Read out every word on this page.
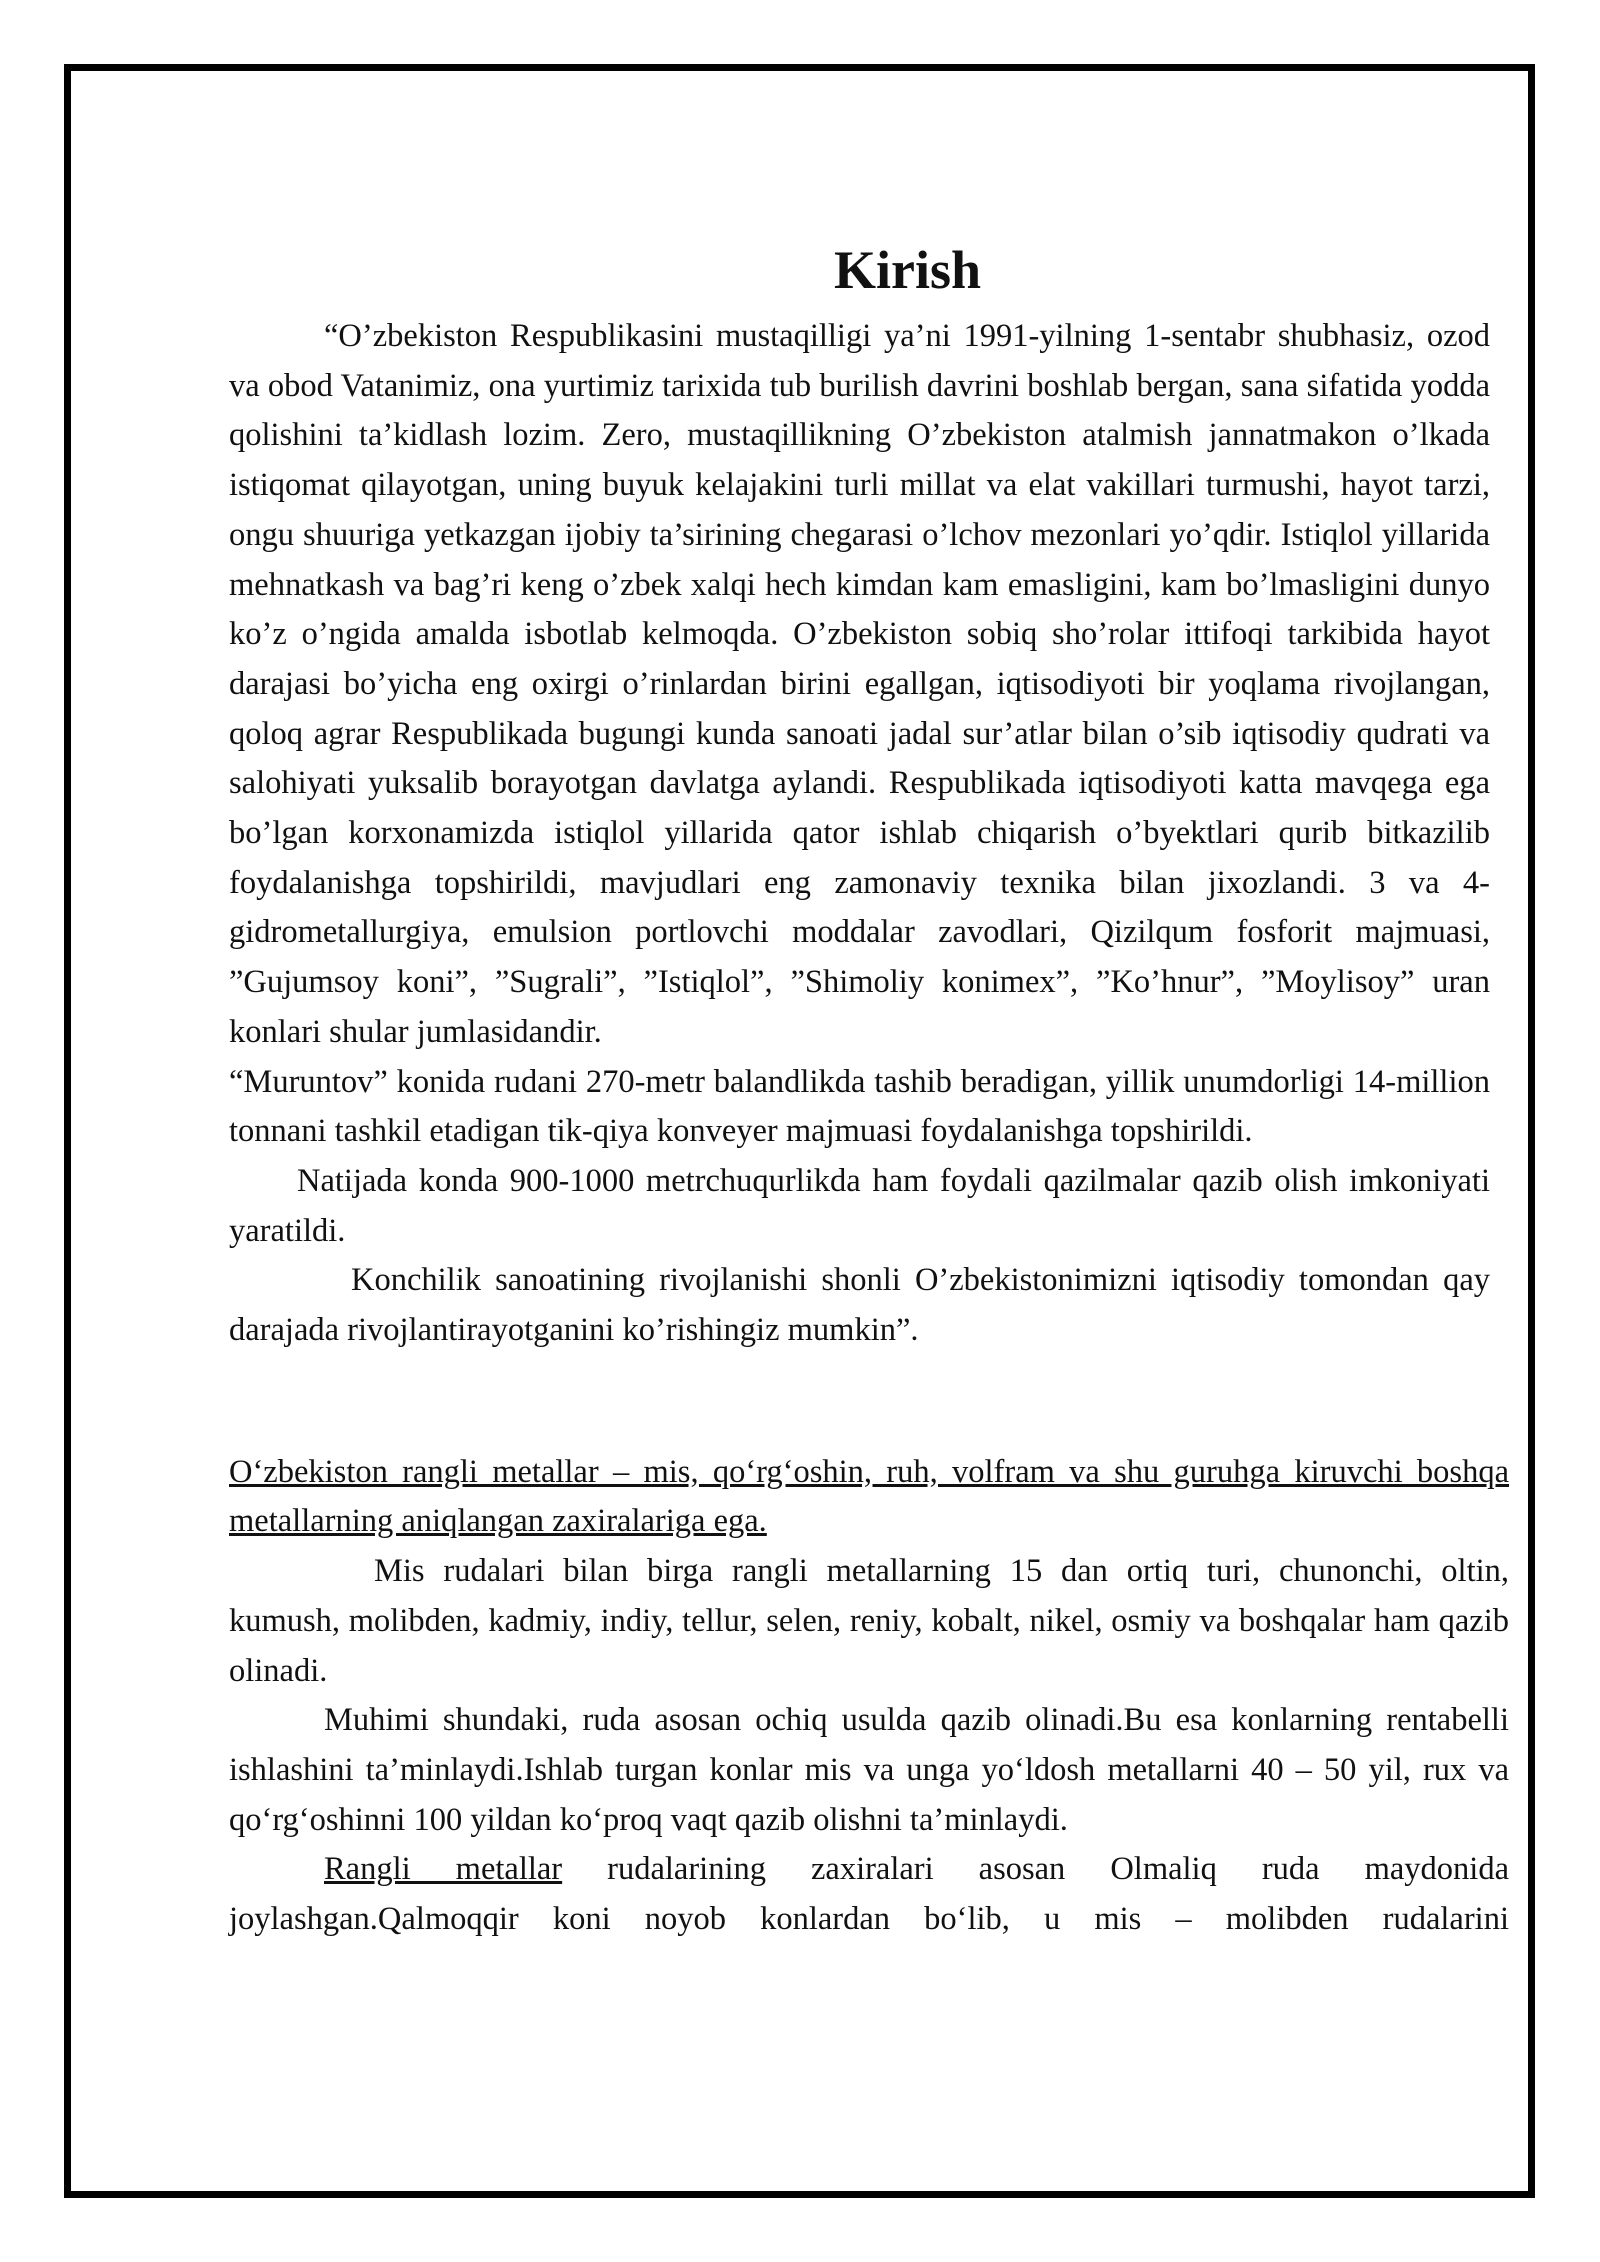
Kirish

“O’zbekiston Respublikasini mustaqilligi ya’ni 1991-yilning 1-sentabr shubhasiz, ozod va obod Vatanimiz, ona yurtimiz tarixida tub burilish davrini boshlab bergan, sana sifatida yodda qolishini ta’kidlash lozim. Zero, mustaqillikning O’zbekiston atalmish jannatmakon o’lkada istiqomat qilayotgan, uning buyuk kelajakini turli millat va elat vakillari turmushi, hayot tarzi, ongu shuuriga yetkazgan ijobiy ta’sirining chegarasi o’lchov mezonlari yo’qdir. Istiqlol yillarida mehnatkash va bag’ri keng o’zbek xalqi hech kimdan kam emasligini, kam bo’lmasligini dunyo ko’z o’ngida amalda isbotlab kelmoqda. O’zbekiston sobiq sho’rolar ittifoqi tarkibida hayot darajasi bo’yicha eng oxirgi o’rinlardan birini egallgan, iqtisodiyoti bir yoqlama rivojlangan, qoloq agrar Respublikada bugungi kunda sanoati jadal sur’atlar bilan o’sib iqtisodiy qudrati va salohiyati yuksalib borayotgan davlatga aylandi. Respublikada iqtisodiyoti katta mavqega ega bo’lgan korxonamizda istiqlol yillarida qator ishlab chiqarish o’byektlari qurib bitkazilib foydalanishga topshirildi, mavjudlari eng zamonaviy texnika bilan jixozlandi. 3 va 4-gidrometallurgiya, emulsion portlovchi moddalar zavodlari, Qizilqum fosforit majmuasi, ”Gujumsoy koni”, ”Sugrali”, ”Istiqlol”, ”Shimoliy konimex”, ”Ko’hnur”, ”Moylisoy” uran konlari shular jumlasidandir.

“Muruntov” konida rudani 270-metr balandlikda tashib beradigan, yillik unumdorligi 14-million tonnani tashkil etadigan tik-qiya konveyer majmuasi foydalanishga topshirildi.

Natijada konda 900-1000 metrchuqurlikda ham foydali qazilmalar qazib olish imkoniyati yaratildi.

Konchilik sanoatining rivojlanishi shonli O’zbekistonimizni iqtisodiy tomondan qay darajada rivojlantirayotganini ko’rishingiz mumkin”.

O‘zbekiston rangli metallar – mis, qo‘rg‘oshin, ruh, volfram va shu guruhga kiruvchi boshqa metallarning aniqlangan zaxiralariga ega.

Mis rudalari bilan birga rangli metallarning 15 dan ortiq turi, chunonchi, oltin, kumush, molibden, kadmiy, indiy, tellur, selen, reniy, kobalt, nikel, osmiy va boshqalar ham qazib olinadi.

Muhimi shundaki, ruda asosan ochiq usulda qazib olinadi.Bu esa konlarning rentabelli ishlashini ta’minlaydi.Ishlab turgan konlar mis va unga yo‘ldosh metallarni 40 – 50 yil, rux va qo‘rg‘oshinni 100 yildan ko‘proq vaqt qazib olishni ta’minlaydi.

Rangli metallar rudalarining zaxiralari asosan Olmaliq ruda maydonida joylashgan.Qalmoqqir koni noyob konlardan bo‘lib, u mis – molibden rudalarini
